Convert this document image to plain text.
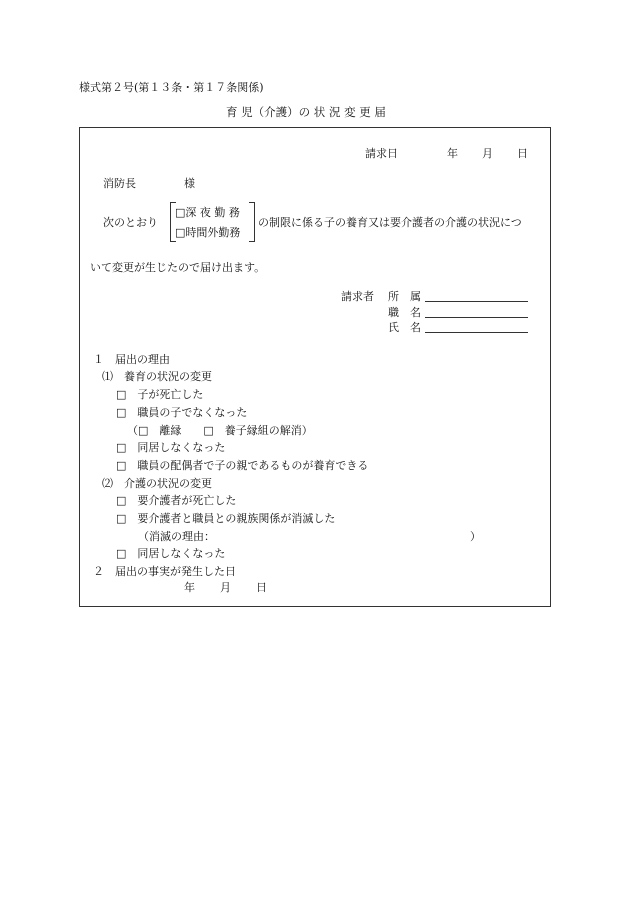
様式第２号(第１３条・第１７条関係)
育 児（介護）の 状 況 変 更 届
請求日	年 月 日
消防長	様
次のとおり
□深 夜 勤 務
□時間外勤務
の制限に係る子の養育又は要介護者の介護の状況につ
いて変更が生じたので届け出ます。
請求者 所　属
職　名
氏　名
１　届出の理由
⑴　養育の状況の変更
□　子が死亡した
□　職員の子でなくなった
（□　離縁　　□　養子縁組の解消）
□　同居しなくなった
□　職員の配偶者で子の親であるものが養育できる
⑵　介護の状況の変更
□　要介護者が死亡した
□　要介護者と職員との親族関係が消滅した
（消滅の理由：	）
□　同居しなくなった
２　届出の事実が発生した日
年 月 日
